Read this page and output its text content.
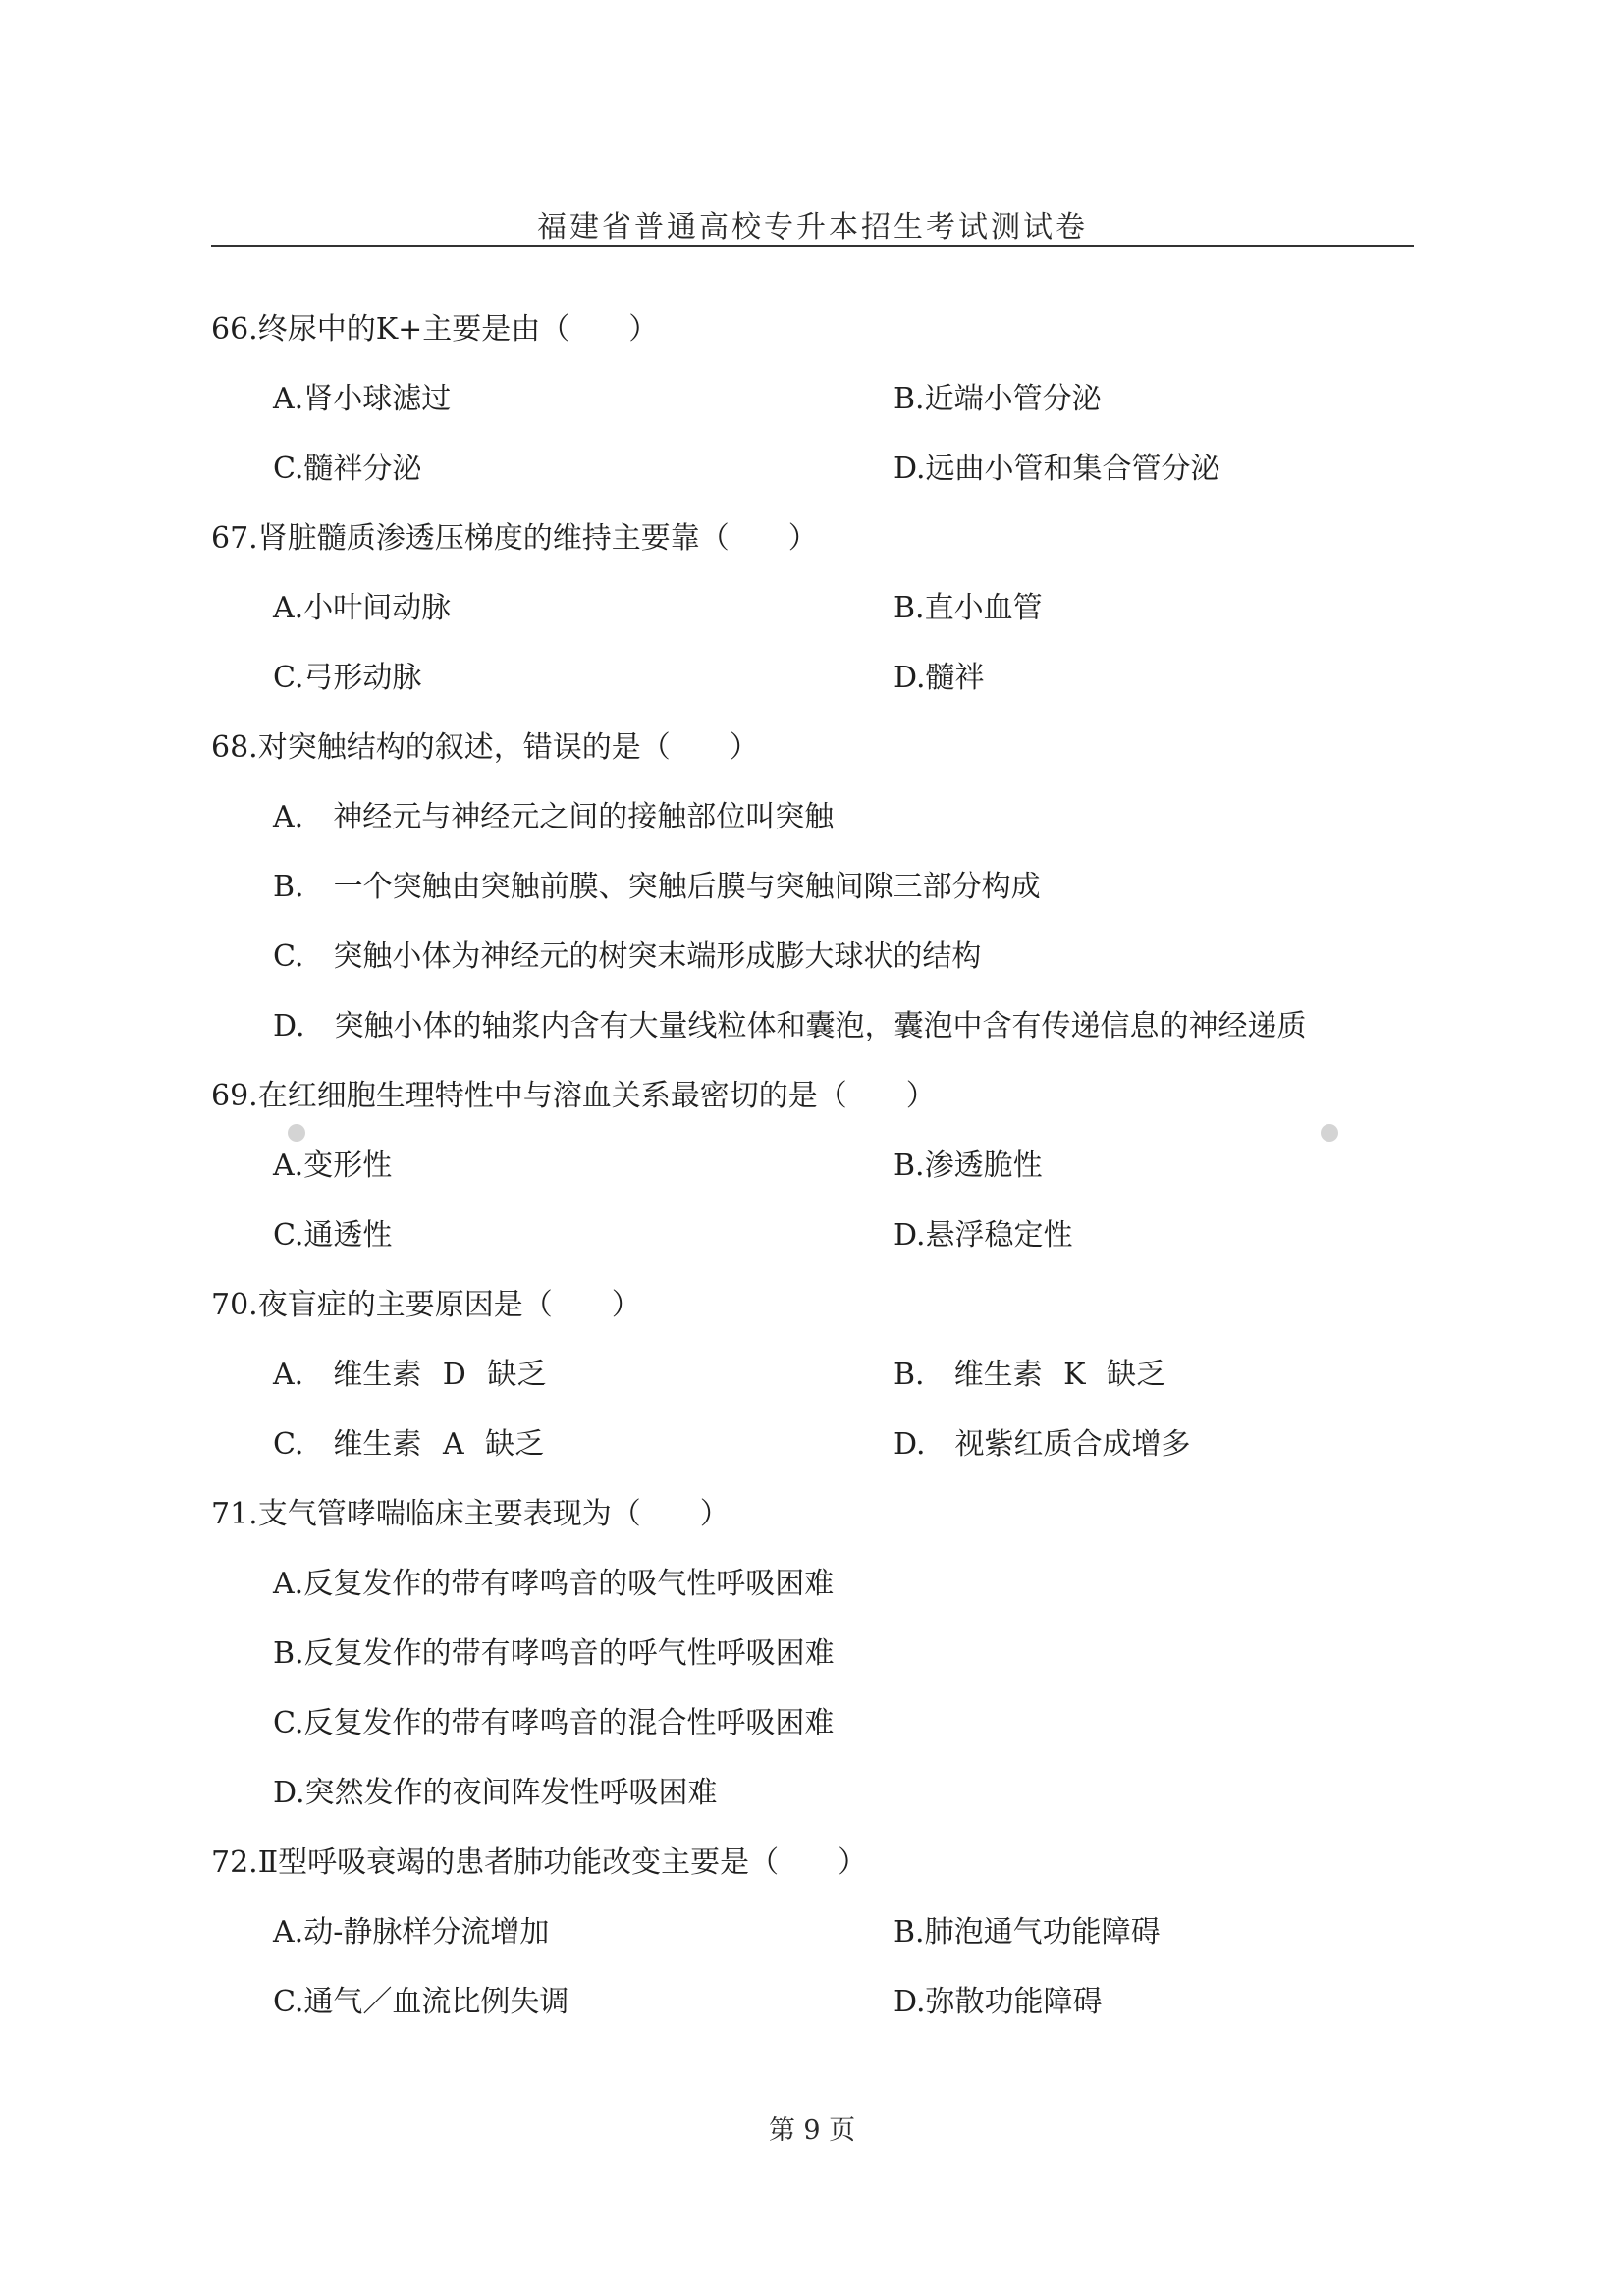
福建省普通高校专升本招生考试测试卷
66.终尿中的K+主要是由（　　）
A.肾小球滤过	B.近端小管分泌
C.髓袢分泌	D.远曲小管和集合管分泌
67.肾脏髓质渗透压梯度的维持主要靠（　　）
A.小叶间动脉	B.直小血管
C.弓形动脉	D.髓袢
68.对突触结构的叙述，错误的是（　　）
A.　神经元与神经元之间的接触部位叫突触
B.　一个突触由突触前膜、突触后膜与突触间隙三部分构成
C.　突触小体为神经元的树突末端形成膨大球状的结构
D.　突触小体的轴浆内含有大量线粒体和囊泡，囊泡中含有传递信息的神经递质
69.在红细胞生理特性中与溶血关系最密切的是（　　）
A.变形性	B.渗透脆性
C.通透性	D.悬浮稳定性
70.夜盲症的主要原因是（　　）
A.　维生素 D 缺乏	B.　维生素 K 缺乏
C.　维生素 A 缺乏	D.　视紫红质合成增多
71.支气管哮喘临床主要表现为（　　）
A.反复发作的带有哮鸣音的吸气性呼吸困难
B.反复发作的带有哮鸣音的呼气性呼吸困难
C.反复发作的带有哮鸣音的混合性呼吸困难
D.突然发作的夜间阵发性呼吸困难
72.Ⅱ型呼吸衰竭的患者肺功能改变主要是（　　）
A.动-静脉样分流增加	B.肺泡通气功能障碍
C.通气／血流比例失调	D.弥散功能障碍
第 9 页
